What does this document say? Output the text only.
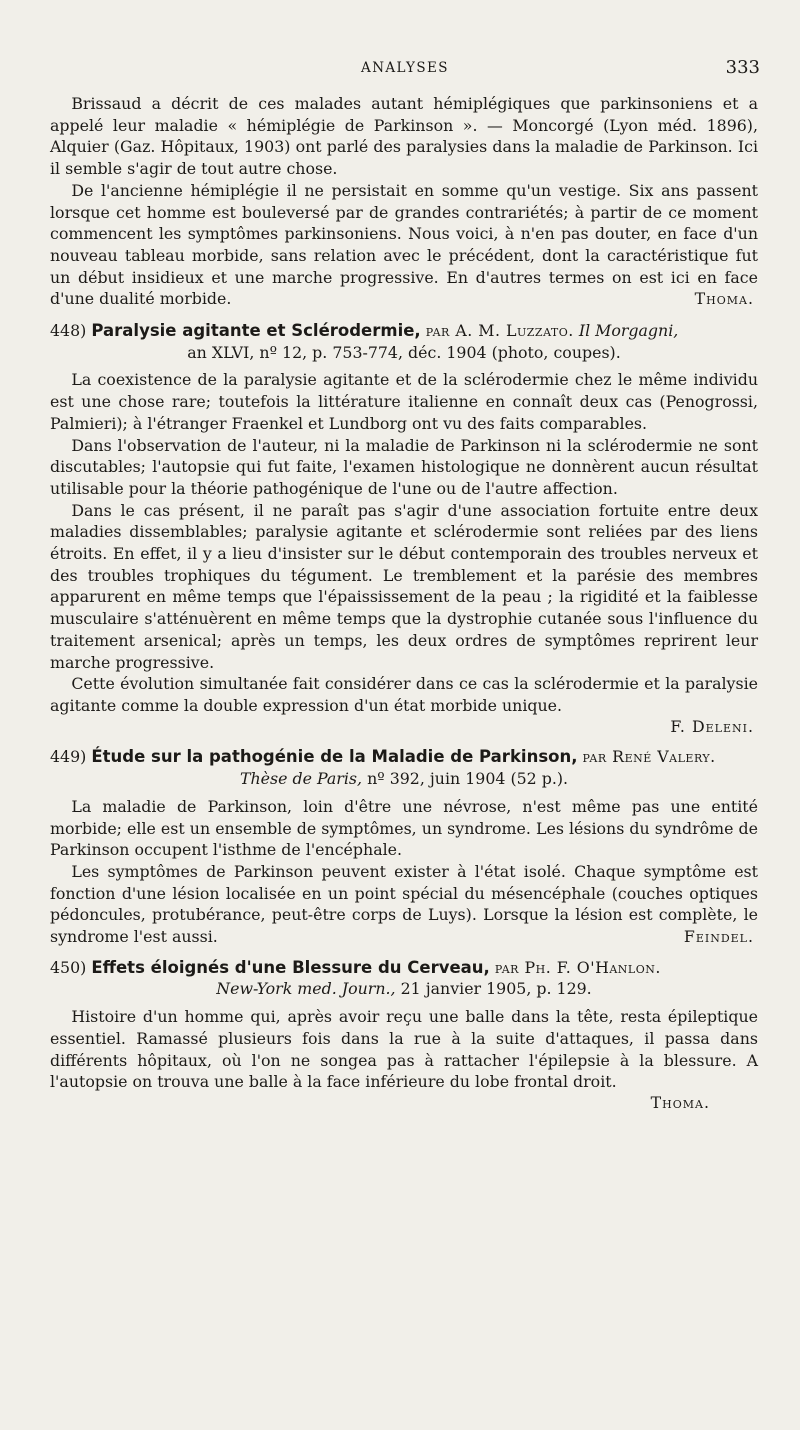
ANALYSES	333

Brissaud a décrit de ces malades autant hémiplégiques que parkinsoniens et a appelé leur maladie « hémiplégie de Parkinson ». — Moncorgé (Lyon méd. 1896), Alquier (Gaz. Hôpitaux, 1903) ont parlé des paralysies dans la maladie de Parkinson. Ici il semble s'agir de tout autre chose.

De l'ancienne hémiplégie il ne persistait en somme qu'un vestige. Six ans passent lorsque cet homme est bouleversé par de grandes contrariétés; à partir de ce moment commencent les symptômes parkinsoniens. Nous voici, à n'en pas douter, en face d'un nouveau tableau morbide, sans relation avec le précédent, dont la caractéristique fut un début insidieux et une marche progressive. En d'autres termes on est ici en face d'une dualité morbide.	Thoma.

448) Paralysie agitante et Sclérodermie, par A. M. Luzzato. Il Morgagni,
an XLVI, nº 12, p. 753-774, déc. 1904 (photo, coupes).

La coexistence de la paralysie agitante et de la sclérodermie chez le même individu est une chose rare; toutefois la littérature italienne en connaît deux cas (Penogrossi, Palmieri); à l'étranger Fraenkel et Lundborg ont vu des faits comparables.

Dans l'observation de l'auteur, ni la maladie de Parkinson ni la sclérodermie ne sont discutables; l'autopsie qui fut faite, l'examen histologique ne donnèrent aucun résultat utilisable pour la théorie pathogénique de l'une ou de l'autre affection.

Dans le cas présent, il ne paraît pas s'agir d'une association fortuite entre deux maladies dissemblables; paralysie agitante et sclérodermie sont reliées par des liens étroits. En effet, il y a lieu d'insister sur le début contemporain des troubles nerveux et des troubles trophiques du tégument. Le tremblement et la parésie des membres apparurent en même temps que l'épaississement de la peau ; la rigidité et la faiblesse musculaire s'atténuèrent en même temps que la dystrophie cutanée sous l'influence du traitement arsenical; après un temps, les deux ordres de symptômes reprirent leur marche progressive.

Cette évolution simultanée fait considérer dans ce cas la sclérodermie et la paralysie agitante comme la double expression d'un état morbide unique.

F. Deleni.
449) Étude sur la pathogénie de la Maladie de Parkinson, par René Valery.
Thèse de Paris, nº 392, juin 1904 (52 p.).

La maladie de Parkinson, loin d'être une névrose, n'est même pas une entité morbide; elle est un ensemble de symptômes, un syndrome. Les lésions du syndrôme de Parkinson occupent l'isthme de l'encéphale.

Les symptômes de Parkinson peuvent exister à l'état isolé. Chaque symptôme est fonction d'une lésion localisée en un point spécial du mésencéphale (couches optiques pédoncules, protubérance, peut-être corps de Luys). Lorsque la lésion est complète, le syndrome l'est aussi.	Feindel.

450) Effets éloignés d'une Blessure du Cerveau, par Ph. F. O'Hanlon.
New-York med. Journ., 21 janvier 1905, p. 129.

Histoire d'un homme qui, après avoir reçu une balle dans la tête, resta épileptique essentiel. Ramassé plusieurs fois dans la rue à la suite d'attaques, il passa dans différents hôpitaux, où l'on ne songea pas à rattacher l'épilepsie à la blessure. A l'autopsie on trouva une balle à la face inférieure du lobe frontal droit.

Thoma.
